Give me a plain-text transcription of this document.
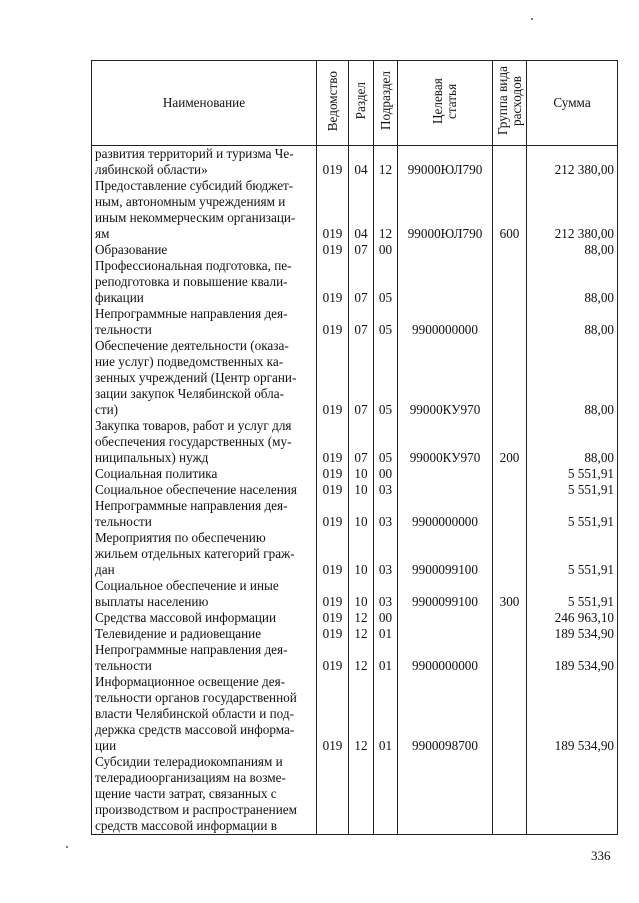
Наименование	Ведомство	Раздел	Подраздел	Целевая статья	Группа вида расходов	Сумма

развития территорий и туризма Че-
лябинской области»	019	04	12	99000ЮЛ790		212 380,00

Предоставление субсидий бюджет-
ным, автономным учреждениям и
иным некоммерческим организаци-
ям	019	04	12	99000ЮЛ790	600	212 380,00

Образование	019	07	00			88,00

Профессиональная подготовка, пе-
реподготовка и повышение квали-
фикации	019	07	05			88,00

Непрограммные направления дея-
тельности	019	07	05	9900000000		88,00

Обеспечение деятельности (оказа-
ние услуг) подведомственных ка-
зенных учреждений (Центр органи-
зации закупок Челябинской обла-
сти)	019	07	05	99000КУ970		88,00

Закупка товаров, работ и услуг для
обеспечения государственных (му-
ниципальных) нужд	019	07	05	99000КУ970	200	88,00

Социальная политика	019	10	00			5 551,91

Социальное обеспечение населения	019	10	03			5 551,91

Непрограммные направления дея-
тельности	019	10	03	9900000000		5 551,91

Мероприятия по обеспечению
жильем отдельных категорий граж-
дан	019	10	03	9900099100		5 551,91

Социальное обеспечение и иные
выплаты населению	019	10	03	9900099100	300	5 551,91

Средства массовой информации	019	12	00			246 963,10

Телевидение и радиовещание	019	12	01			189 534,90

Непрограммные направления дея-
тельности	019	12	01	9900000000		189 534,90

Информационное освещение дея-
тельности органов государственной
власти Челябинской области и под-
держка средств массовой информа-
ции	019	12	01	9900098700		189 534,90

Субсидии телерадиокомпаниям и
телерадиоорганизациям на возме-
щение части затрат, связанных с
производством и распространением
средств массовой информации в						

336
